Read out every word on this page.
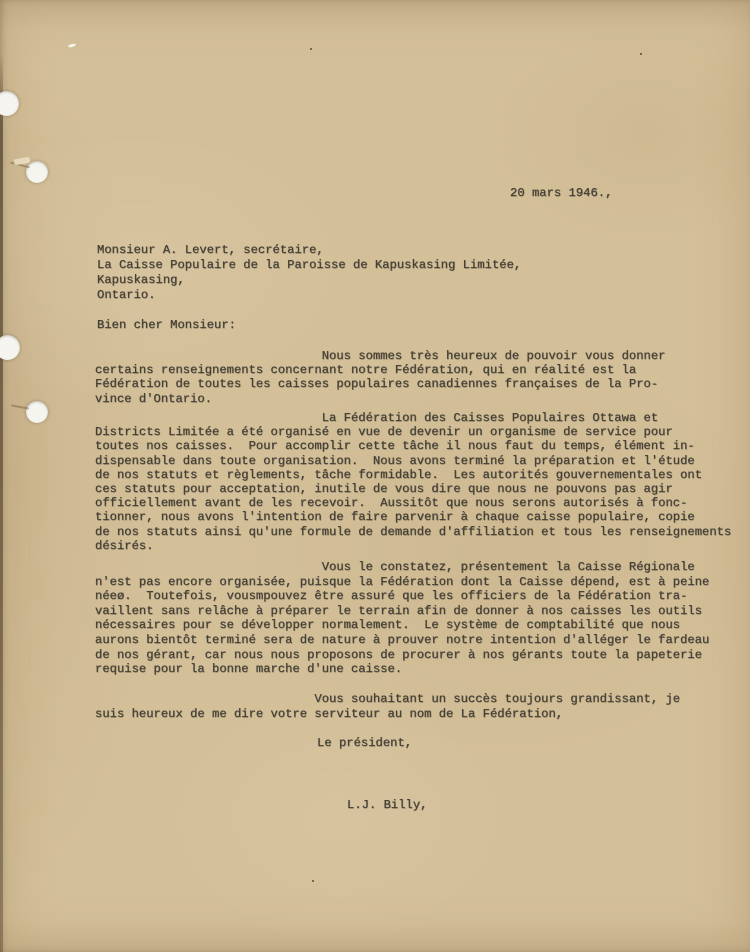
20 mars 1946.,
Monsieur A. Levert, secrétaire,
La Caisse Populaire de la Paroisse de Kapuskasing Limitée,
Kapuskasing,
Ontario.
Bien cher Monsieur:
Nous sommes très heureux de pouvoir vous donner
certains renseignements concernant notre Fédération, qui en réalité est la
Fédération de toutes les caisses populaires canadiennes françaises de la Pro-
vince d'Ontario.
La Fédération des Caisses Populaires Ottawa et
Districts Limitée a été organisé en vue de devenir un organisme de service pour
toutes nos caisses.  Pour accomplir cette tâche il nous faut du temps, élément in-
dispensable dans toute organisation.  Nous avons terminé la préparation et l'étude
de nos statuts et règlements, tâche formidable.  Les autorités gouvernementales ont
ces statuts pour acceptation, inutile de vous dire que nous ne pouvons pas agir
officiellement avant de les recevoir.  Aussitôt que nous serons autorisés à fonc-
tionner, nous avons l'intention de faire parvenir à chaque caisse populaire, copie
de nos statuts ainsi qu'une formule de demande d'affiliation et tous les renseignements
désirés.
Vous le constatez, présentement la Caisse Régionale
n'est pas encore organisée, puisque la Fédération dont la Caisse dépend, est à peine
néeø.  Toutefois, vousmpouvez être assuré que les officiers de la Fédération tra-
vaillent sans relâche à préparer le terrain afin de donner à nos caisses les outils
nécessaires pour se développer normalement.  Le système de comptabilité que nous
aurons bientôt terminé sera de nature à prouver notre intention d'alléger le fardeau
de nos gérant, car nous nous proposons de procurer à nos gérants toute la papeterie
requise pour la bonne marche d'une caisse.
Vous souhaitant un succès toujours grandissant, je
suis heureux de me dire votre serviteur au nom de La Fédération,
Le président,
L.J. Billy,
